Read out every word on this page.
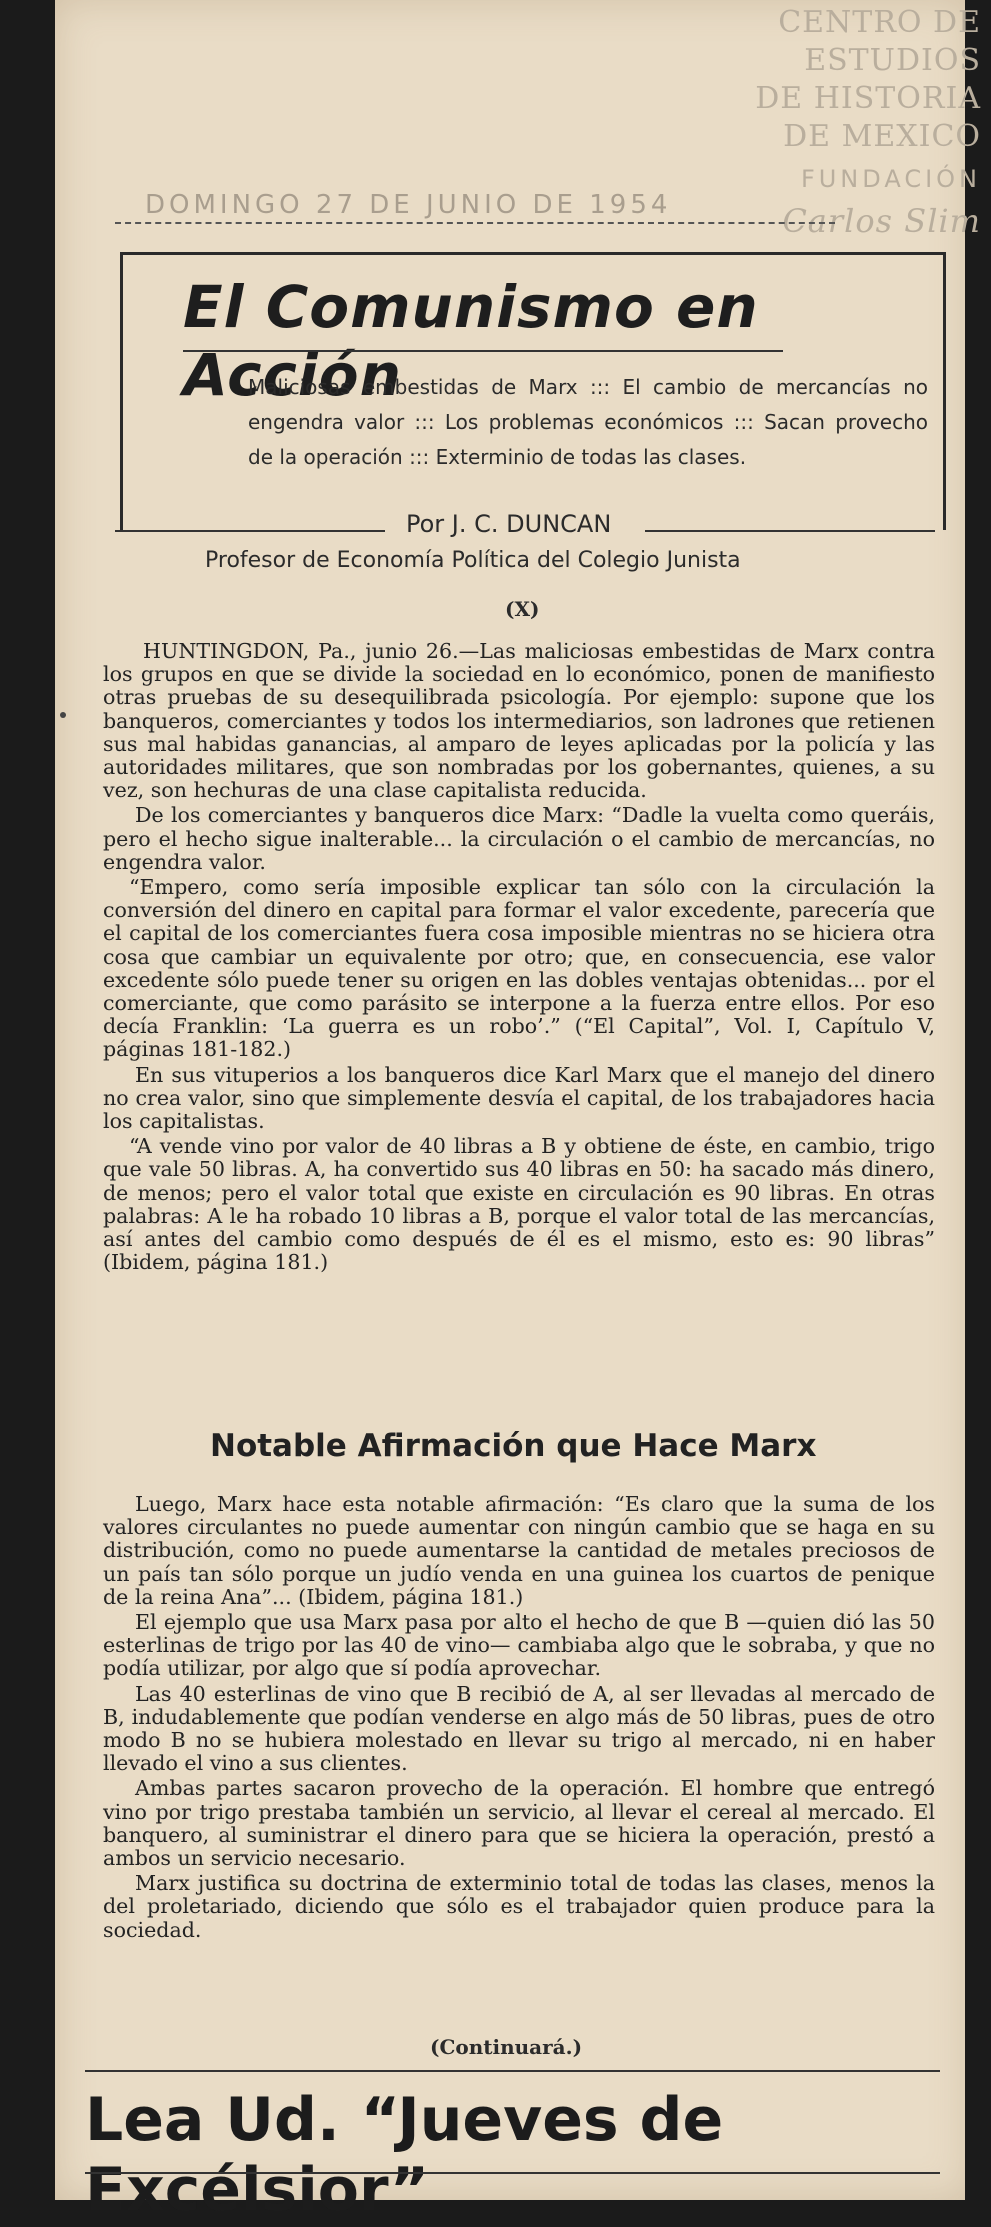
CENTRO DE
ESTUDIOS
DE HISTORIA
DE MEXICO
FUNDACIÓN
Carlos Slim
DOMINGO 27 DE JUNIO DE 1954
El Comunismo en Acción
Maliciosas embestidas de Marx ::: El cambio de mercancías no engendra valor ::: Los problemas económicos ::: Sacan provecho de la operación ::: Exterminio de todas las clases.
Por J. C. DUNCAN
Profesor de Economía Política del Colegio Junista
(X)

HUNTINGDON, Pa., junio 26.—Las maliciosas embestidas de Marx contra los grupos en que se divide la sociedad en lo económico, ponen de manifiesto otras pruebas de su desequilibrada psicología. Por ejemplo: supone que los banqueros, comerciantes y todos los intermediarios, son ladrones que retienen sus mal habidas ganancias, al amparo de leyes aplicadas por la policía y las autoridades militares, que son nombradas por los gobernantes, quienes, a su vez, son hechuras de una clase capitalista reducida.

De los comerciantes y banqueros dice Marx: “Dadle la vuelta como queráis, pero el hecho sigue inalterable... la circulación o el cambio de mercancías, no engendra valor.

“Empero, como sería imposible explicar tan sólo con la circulación la conversión del dinero en capital para formar el valor excedente, parecería que el capital de los comerciantes fuera cosa imposible mientras no se hiciera otra cosa que cambiar un equivalente por otro; que, en consecuencia, ese valor excedente sólo puede tener su origen en las dobles ventajas obtenidas... por el comerciante, que como parásito se interpone a la fuerza entre ellos. Por eso decía Franklin: ‘La guerra es un robo’.” (“El Capital”, Vol. I, Capítulo V, páginas 181-182.)

En sus vituperios a los banqueros dice Karl Marx que el manejo del dinero no crea valor, sino que simplemente desvía el capital, de los trabajadores hacia los capitalistas.

“A vende vino por valor de 40 libras a B y obtiene de éste, en cambio, trigo que vale 50 libras. A, ha convertido sus 40 libras en 50: ha sacado más dinero, de menos; pero el valor total que existe en circulación es 90 libras. En otras palabras: A le ha robado 10 libras a B, porque el valor total de las mercancías, así antes del cambio como después de él es el mismo, esto es: 90 libras” (Ibidem, página 181.)

Notable Afirmación que Hace Marx

Luego, Marx hace esta notable afirmación: “Es claro que la suma de los valores circulantes no puede aumentar con ningún cambio que se haga en su distribución, como no puede aumentarse la cantidad de metales preciosos de un país tan sólo porque un judío venda en una guinea los cuartos de penique de la reina Ana”... (Ibidem, página 181.)

El ejemplo que usa Marx pasa por alto el hecho de que B —quien dió las 50 esterlinas de trigo por las 40 de vino— cambiaba algo que le sobraba, y que no podía utilizar, por algo que sí podía aprovechar.

Las 40 esterlinas de vino que B recibió de A, al ser llevadas al mercado de B, indudablemente que podían venderse en algo más de 50 libras, pues de otro modo B no se hubiera molestado en llevar su trigo al mercado, ni en haber llevado el vino a sus clientes.

Ambas partes sacaron provecho de la operación. El hombre que entregó vino por trigo prestaba también un servicio, al llevar el cereal al mercado. El banquero, al suministrar el dinero para que se hiciera la operación, prestó a ambos un servicio necesario.

Marx justifica su doctrina de exterminio total de todas las clases, menos la del proletariado, diciendo que sólo es el trabajador quien produce para la sociedad.

(Continuará.)
Lea Ud. “Jueves de Excélsior”
